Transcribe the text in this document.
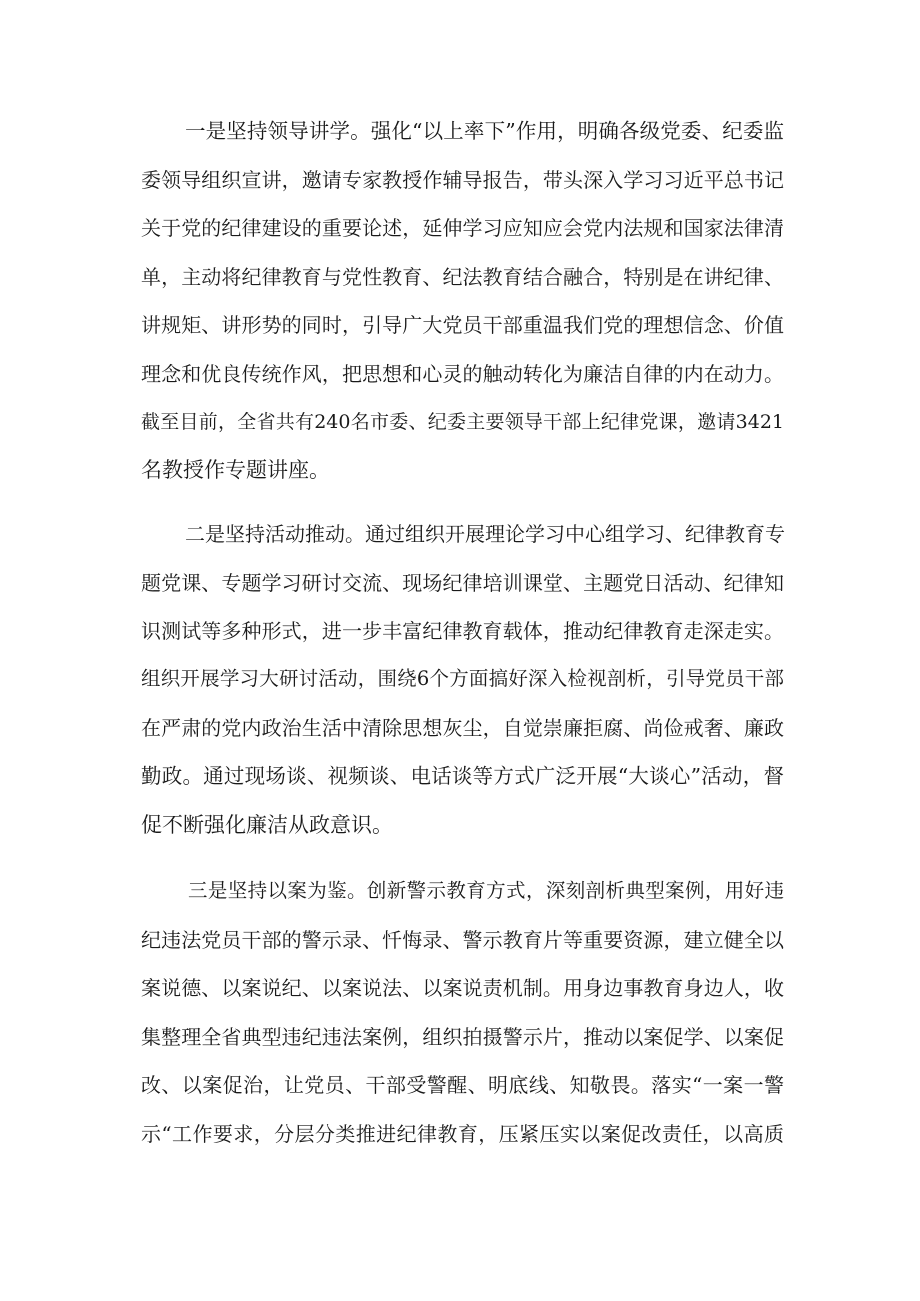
一是坚持领导讲学。强化“以上率下”作用，明确各级党委、纪委监
委领导组织宣讲，邀请专家教授作辅导报告，带头深入学习习近平总书记
关于党的纪律建设的重要论述，延伸学习应知应会党内法规和国家法律清
单，主动将纪律教育与党性教育、纪法教育结合融合，特别是在讲纪律、
讲规矩、讲形势的同时，引导广大党员干部重温我们党的理想信念、价值
理念和优良传统作风，把思想和心灵的触动转化为廉洁自律的内在动力。
截至目前，全省共有240名市委、纪委主要领导干部上纪律党课，邀请3421
名教授作专题讲座。
二是坚持活动推动。通过组织开展理论学习中心组学习、纪律教育专
题党课、专题学习研讨交流、现场纪律培训课堂、主题党日活动、纪律知
识测试等多种形式，进一步丰富纪律教育载体，推动纪律教育走深走实。
组织开展学习大研讨活动，围绕6个方面搞好深入检视剖析，引导党员干部
在严肃的党内政治生活中清除思想灰尘，自觉崇廉拒腐、尚俭戒奢、廉政
勤政。通过现场谈、视频谈、电话谈等方式广泛开展“大谈心”活动，督
促不断强化廉洁从政意识。
三是坚持以案为鉴。创新警示教育方式，深刻剖析典型案例，用好违
纪违法党员干部的警示录、忏悔录、警示教育片等重要资源，建立健全以
案说德、以案说纪、以案说法、以案说责机制。用身边事教育身边人，收
集整理全省典型违纪违法案例，组织拍摄警示片，推动以案促学、以案促
改、以案促治，让党员、干部受警醒、明底线、知敬畏。落实“一案一警
示“工作要求，分层分类推进纪律教育，压紧压实以案促改责任，以高质
